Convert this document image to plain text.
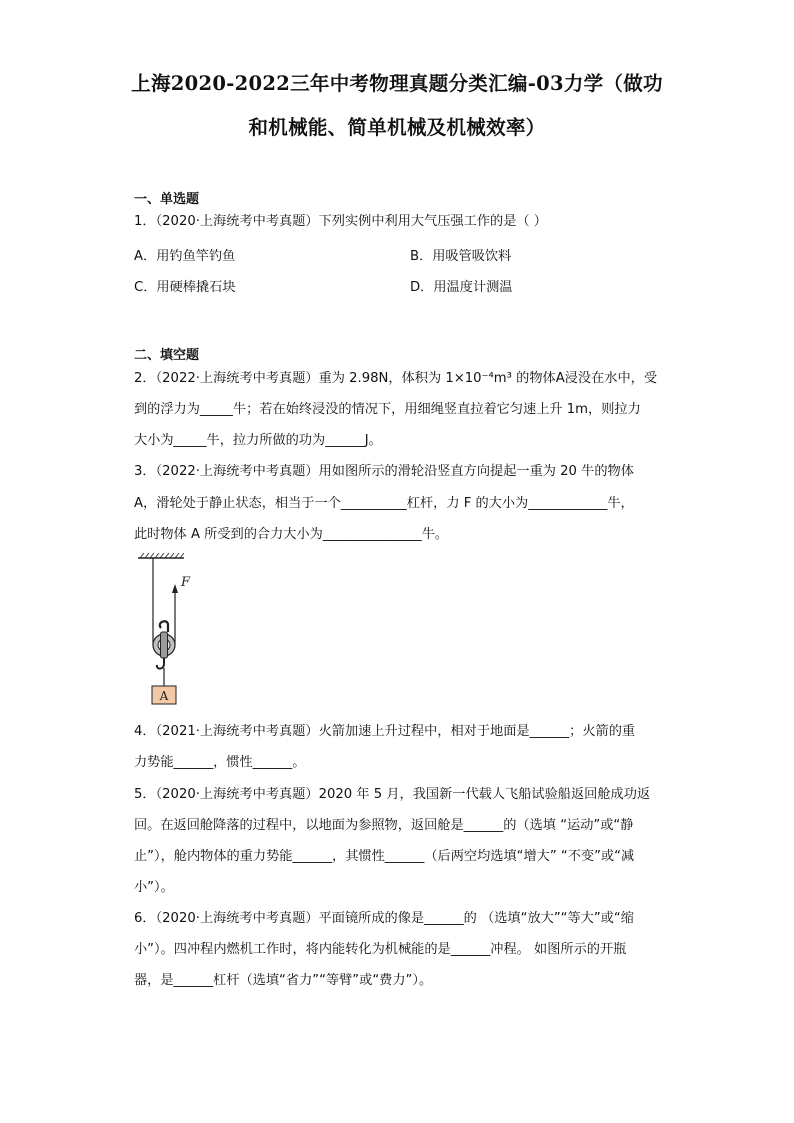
上海2020-2022三年中考物理真题分类汇编-03力学（做功
和机械能、简单机械及机械效率）
一、单选题
1．（2020·上海统考中考真题）下列实例中利用大气压强工作的是（ ）
A．用钓鱼竿钓鱼	B．用吸管吸饮料
C．用硬棒撬石块	D．用温度计测温
二、填空题
2．（2022·上海统考中考真题）重为 2.98N，体积为 1×10⁻⁴m³ 的物体A浸没在水中，受
到的浮力为_____牛；若在始终浸没的情况下，用细绳竖直拉着它匀速上升 1m，则拉力
大小为_____牛，拉力所做的功为______J。
3．（2022·上海统考中考真题）用如图所示的滑轮沿竖直方向提起一重为 20 牛的物体
A，滑轮处于静止状态，相当于一个__________杠杆，力 F 的大小为____________牛，
此时物体 A 所受到的合力大小为_______________牛。
F
A
4．（2021·上海统考中考真题）火箭加速上升过程中，相对于地面是______；火箭的重
力势能______，惯性______。
5．（2020·上海统考中考真题）2020 年 5 月，我国新一代载人飞船试验船返回舱成功返
回。在返回舱降落的过程中，以地面为参照物，返回舱是______的（选填 “运动”或“静
止”），舱内物体的重力势能______，其惯性______（后两空均选填“增大” “不变”或“减
小”）。
6．（2020·上海统考中考真题）平面镜所成的像是______的 （选填“放大”“等大”或“缩
小”）。四冲程内燃机工作时，将内能转化为机械能的是______冲程。 如图所示的开瓶
器，是______杠杆（选填“省力”“等臂”或“费力”）。
